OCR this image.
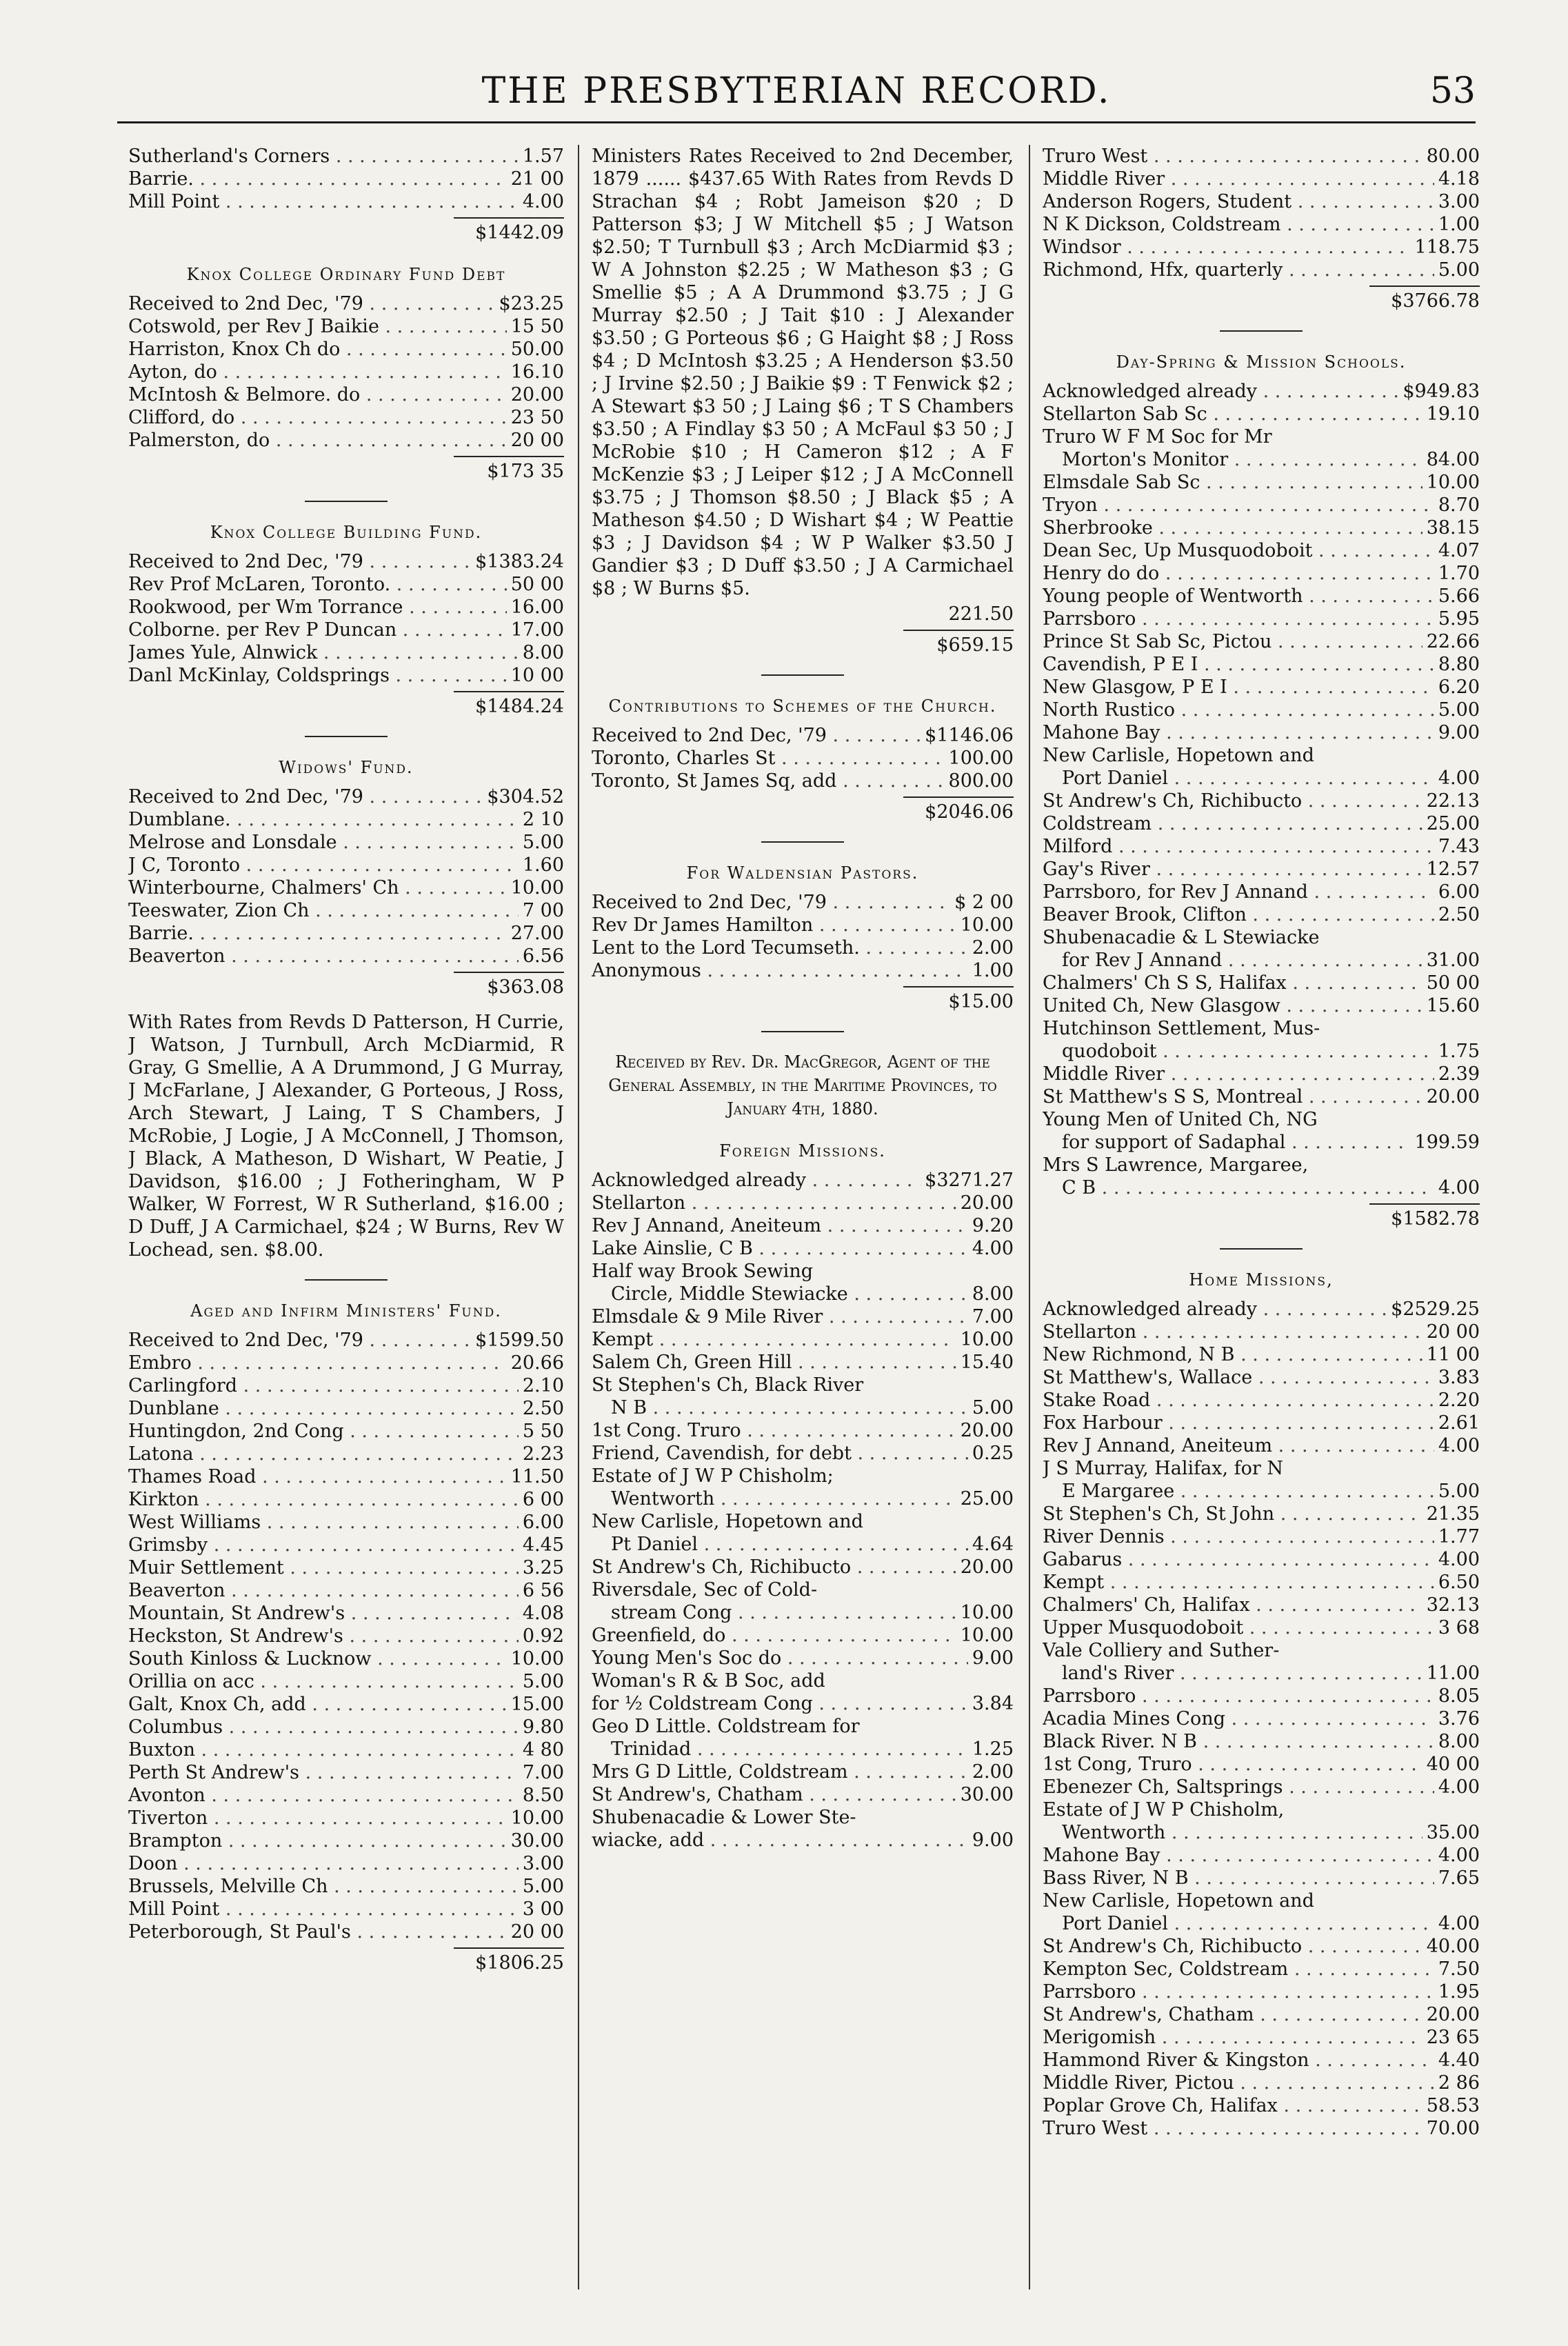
THE PRESBYTERIAN RECORD.	53
Sutherland's Corners . . .	1.57
Barrie. . . .	21 00
Mill Point . . .	4.00
$1442.09
Knox College Ordinary Fund Debt
Received to 2nd Dec, '79 . . .	$23.25
Cotswold, per Rev J Baikie . . .	15 50
Harriston, Knox Ch do . . .	50.00
Ayton, do . . .	16.10
McIntosh & Belmore. do . . .	20.00
Clifford, do . . .	23 50
Palmerston, do . . .	20 00
$173 35
Knox College Building Fund.
Received to 2nd Dec, '79 . . .	$1383.24
Rev Prof McLaren, Toronto. . . .	50 00
Rookwood, per Wm Torrance . . .	16.00
Colborne. per Rev P Duncan . . .	17.00
James Yule, Alnwick . . .	8.00
Danl McKinlay, Coldsprings . . .	10 00
$1484.24
Widows' Fund.
Received to 2nd Dec, '79 . . .	$304.52
Dumblane. . . .	2 10
Melrose and Lonsdale . . .	5.00
J C, Toronto . . .	1.60
Winterbourne, Chalmers' Ch . . .	10.00
Teeswater, Zion Ch . . .	7 00
Barrie. . . .	27.00
Beaverton . . .	6.56
$363.08
With Rates from Revds D Patterson, H Currie, J Watson, J Turnbull, Arch McDiarmid, R Gray, G Smellie, A A Drummond, J G Murray, J McFarlane, J Alexander, G Porteous, J Ross, Arch Stewart, J Laing, T S Chambers, J McRobie, J Logie, J A McConnell, J Thomson, J Black, A Matheson, D Wishart, W Peatie, J Davidson, $16.00 ; J Fotheringham, W P Walker, W Forrest, W R Sutherland, $16.00 ; D Duff, J A Carmichael, $24 ; W Burns, Rev W Lochead, sen. $8.00.
Aged and Infirm Ministers' Fund.
Received to 2nd Dec, '79 . . .	$1599.50
Embro . . .	20.66
Carlingford . . .	2.10
Dunblane . . .	2.50
Huntingdon, 2nd Cong . . .	5 50
Latona . . .	2.23
Thames Road . . .	11.50
Kirkton . . .	6 00
West Williams . . .	6.00
Grimsby . . .	4.45
Muir Settlement . . .	3.25
Beaverton . . .	6 56
Mountain, St Andrew's . . .	4.08
Heckston, St Andrew's . . .	0.92
South Kinloss & Lucknow . . .	10.00
Orillia on acc . . .	5.00
Galt, Knox Ch, add . . .	15.00
Columbus . . .	9.80
Buxton . . .	4 80
Perth St Andrew's . . .	7.00
Avonton . . .	8.50
Tiverton . . .	10.00
Brampton . . .	30.00
Doon . . .	3.00
Brussels, Melville Ch . . .	5.00
Mill Point . . .	3 00
Peterborough, St Paul's . . .	20 00
$1806.25
Ministers Rates Received to 2nd December, 1879 ...... $437.65 With Rates from Revds D Strachan $4 ; Robt Jameison $20 ; D Patterson $3; J W Mitchell $5 ; J Watson $2.50; T Turnbull $3 ; Arch McDiarmid $3 ; W A Johnston $2.25 ; W Matheson $3 ; G Smellie $5 ; A A Drummond $3.75 ; J G Murray $2.50 ; J Tait $10 : J Alexander $3.50 ; G Porteous $6 ; G Haight $8 ; J Ross $4 ; D McIntosh $3.25 ; A Henderson $3.50 ; J Irvine $2.50 ; J Baikie $9 : T Fenwick $2 ; A Stewart $3 50 ; J Laing $6 ; T S Chambers $3.50 ; A Findlay $3 50 ; A McFaul $3 50 ; J McRobie $10 ; H Cameron $12 ; A F McKenzie $3 ; J Leiper $12 ; J A McConnell $3.75 ; J Thomson $8.50 ; J Black $5 ; A Matheson $4.50 ; D Wishart $4 ; W Peattie $3 ; J Davidson $4 ; W P Walker $3.50 J Gandier $3 ; D Duff $3.50 ; J A Carmichael $8 ; W Burns $5.
221.50
$659.15
Contributions to Schemes of the Church.
Received to 2nd Dec, '79 . . .	$1146.06
Toronto, Charles St . . .	100.00
Toronto, St James Sq, add . . .	800.00
$2046.06
For Waldensian Pastors.
Received to 2nd Dec, '79 . . .	$ 2 00
Rev Dr James Hamilton . . .	10.00
Lent to the Lord Tecumseth. . . .	2.00
Anonymous . . .	1.00
$15.00
Received by Rev. Dr. MacGregor, Agent of the General Assembly, in the Maritime Provinces, to January 4th, 1880.
Foreign Missions.
Acknowledged already . . .	$3271.27
Stellarton . . .	20.00
Rev J Annand, Aneiteum . . .	9.20
Lake Ainslie, C B . . .	4.00
Half way Brook Sewing
Circle, Middle Stewiacke . . .	8.00
Elmsdale & 9 Mile River . . .	7.00
Kempt . . .	10.00
Salem Ch, Green Hill . . .	15.40
St Stephen's Ch, Black River
N B . . .	5.00
1st Cong. Truro . . .	20.00
Friend, Cavendish, for debt . . .	0.25
Estate of J W P Chisholm;
Wentworth . . .	25.00
New Carlisle, Hopetown and
Pt Daniel . . .	4.64
St Andrew's Ch, Richibucto . . .	20.00
Riversdale, Sec of Cold-
stream Cong . . .	10.00
Greenfield, do . . .	10.00
Young Men's Soc do . . .	9.00
Woman's R & B Soc, add
for ½ Coldstream Cong . . .	3.84
Geo D Little. Coldstream for
Trinidad . . .	1.25
Mrs G D Little, Coldstream . . .	2.00
St Andrew's, Chatham . . .	30.00
Shubenacadie & Lower Ste-
wiacke, add . . .	9.00
Truro West . . .	80.00
Middle River . . .	4.18
Anderson Rogers, Student . . .	3.00
N K Dickson, Coldstream . . .	1.00
Windsor . . .	118.75
Richmond, Hfx, quarterly . . .	5.00
$3766.78
Day-Spring & Mission Schools.
Acknowledged already . . .	$949.83
Stellarton Sab Sc . . .	19.10
Truro W F M Soc for Mr
Morton's Monitor . . .	84.00
Elmsdale Sab Sc . . .	10.00
Tryon . . .	8.70
Sherbrooke . . .	38.15
Dean Sec, Up Musquodoboit . . .	4.07
Henry do do . . .	1.70
Young people of Wentworth . . .	5.66
Parrsboro . . .	5.95
Prince St Sab Sc, Pictou . . .	22.66
Cavendish, P E I . . .	8.80
New Glasgow, P E I . . .	6.20
North Rustico . . .	5.00
Mahone Bay . . .	9.00
New Carlisle, Hopetown and
Port Daniel . . .	4.00
St Andrew's Ch, Richibucto . . .	22.13
Coldstream . . .	25.00
Milford . . .	7.43
Gay's River . . .	12.57
Parrsboro, for Rev J Annand . . .	6.00
Beaver Brook, Clifton . . .	2.50
Shubenacadie & L Stewiacke
for Rev J Annand . . .	31.00
Chalmers' Ch S S, Halifax . . .	50 00
United Ch, New Glasgow . . .	15.60
Hutchinson Settlement, Mus-
quodoboit . . .	1.75
Middle River . . .	2.39
St Matthew's S S, Montreal . . .	20.00
Young Men of United Ch, NG
for support of Sadaphal . . .	199.59
Mrs S Lawrence, Margaree,
C B . . .	4.00
$1582.78
Home Missions,
Acknowledged already . . .	$2529.25
Stellarton . . .	20 00
New Richmond, N B . . .	11 00
St Matthew's, Wallace . . .	3.83
Stake Road . . .	2.20
Fox Harbour . . .	2.61
Rev J Annand, Aneiteum . . .	4.00
J S Murray, Halifax, for N
E Margaree . . .	5.00
St Stephen's Ch, St John . . .	21.35
River Dennis . . .	1.77
Gabarus . . .	4.00
Kempt . . .	6.50
Chalmers' Ch, Halifax . . .	32.13
Upper Musquodoboit . . .	3 68
Vale Colliery and Suther-
land's River . . .	11.00
Parrsboro . . .	8.05
Acadia Mines Cong . . .	3.76
Black River. N B . . .	8.00
1st Cong, Truro . . .	40 00
Ebenezer Ch, Saltsprings . . .	4.00
Estate of J W P Chisholm,
Wentworth . . .	35.00
Mahone Bay . . .	4.00
Bass River, N B . . .	7.65
New Carlisle, Hopetown and
Port Daniel . . .	4.00
St Andrew's Ch, Richibucto . . .	40.00
Kempton Sec, Coldstream . . .	7.50
Parrsboro . . .	1.95
St Andrew's, Chatham . . .	20.00
Merigomish . . .	23 65
Hammond River & Kingston . . .	4.40
Middle River, Pictou . . .	2 86
Poplar Grove Ch, Halifax . . .	58.53
Truro West . . .	70.00
